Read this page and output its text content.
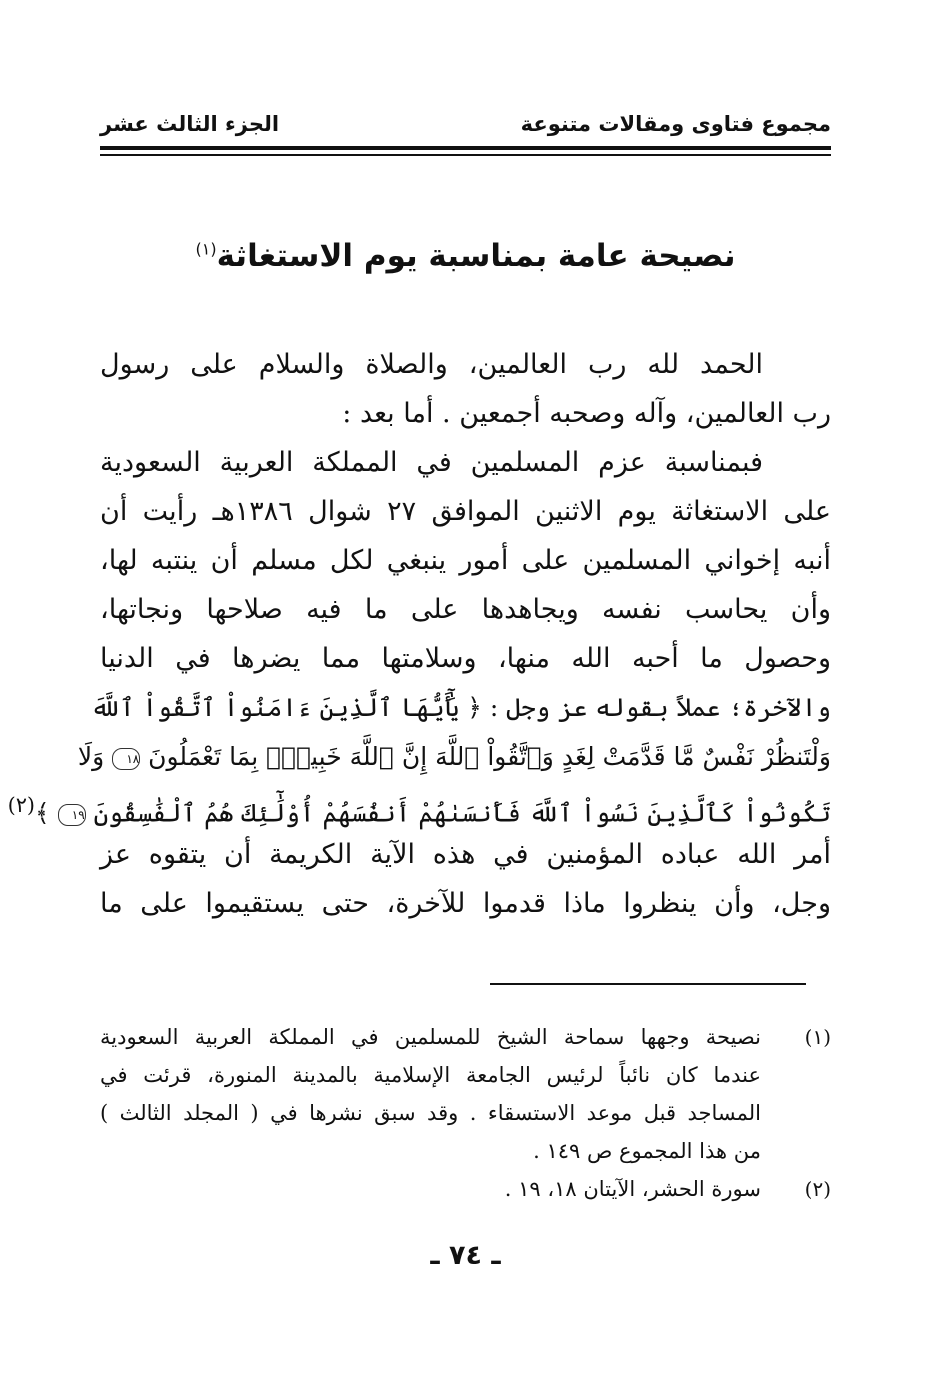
مجموع فتاوى ومقالات متنوعة
الجزء الثالث عشر
نصيحة عامة بمناسبة يوم الاستغاثة$^{(١)}$
الحمد لله رب العالمين، والصلاة والسلام على رسول
رب العالمين، وآله وصحبه أجمعين . أما بعد :
فبمناسبة عزم المسلمين في المملكة العربية السعودية
على الاستغاثة يوم الاثنين الموافق ٢٧ شوال ١٣٨٦هـ رأيت أن
أنبه إخواني المسلمين على أمور ينبغي لكل مسلم أن ينتبه لها،
وأن يحاسب نفسه ويجاهدها على ما فيه صلاحها ونجاتها،
وحصول ما أحبه الله منها، وسلامتها مما يضرها في الدنيا
والآخرة؛ عملاً بقوله عز وجل : ﴿ يَٰٓأَيُّهَا ٱلَّذِينَ ءَامَنُواْ ٱتَّقُواْ ٱللَّهَ
وَلْتَنظُرْ نَفْسٌ مَّا قَدَّمَتْ لِغَدٍ وَٱتَّقُواْ ٱللَّهَ إِنَّ ٱللَّهَ خَبِيرٌۢ بِمَا تَعْمَلُونَ ١٨ وَلَا
تَكُونُواْ كَٱلَّذِينَ نَسُواْ ٱللَّهَ فَأَنسَىٰهُمْ أَنفُسَهُمْ أُوْلَٰٓئِكَ هُمُ ٱلْفَٰسِقُونَ ١٩ ﴾$^{(٢)}$
أمر الله عباده المؤمنين في هذه الآية الكريمة أن يتقوه عز
وجل، وأن ينظروا ماذا قدموا للآخرة، حتى يستقيموا على ما
(١)
نصيحة وجهها سماحة الشيخ للمسلمين في المملكة العربية السعودية
عندما كان نائباً لرئيس الجامعة الإسلامية بالمدينة المنورة، قرئت في
المساجد قبل موعد الاستسقاء . وقد سبق نشرها في ( المجلد الثالث )
من هذا المجموع ص ١٤٩ .
(٢)
سورة الحشر، الآيتان ١٨، ١٩ .
ـ ٧٤ ـ
